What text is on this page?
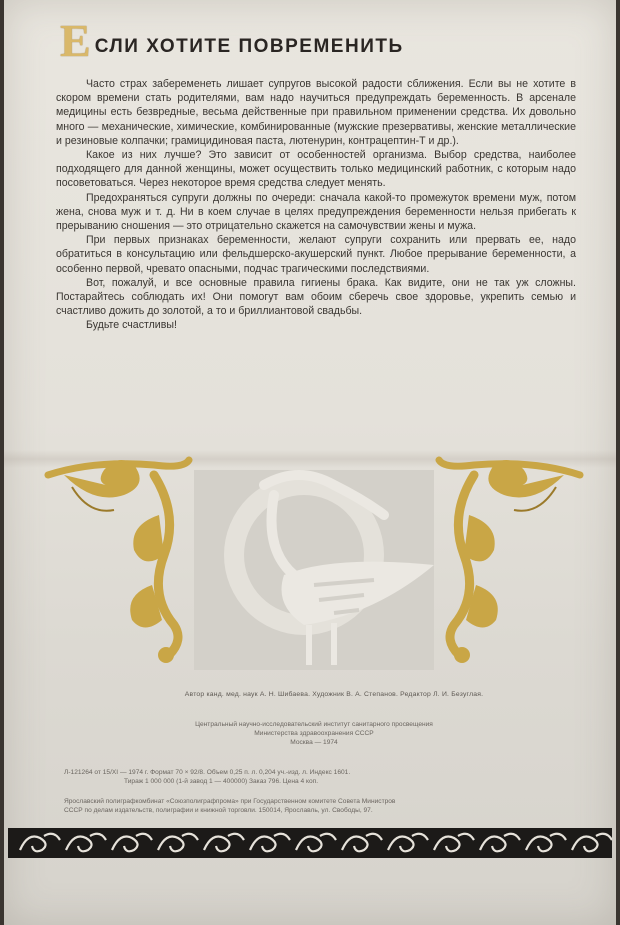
Е СЛИ ХОТИТЕ ПОВРЕМЕНИТЬ

Часто страх забеременеть лишает супругов высокой радости сближения. Если вы не хотите в скором времени стать родителями, вам надо научиться предупреждать беременность. В арсенале медицины есть безвредные, весьма действенные при правильном применении средства. Их довольно много — механические, химические, комбинированные (мужские презервативы, женские металлические и резиновые колпачки; грамицидиновая паста, лютенурин, контрацептин-Т и др.).

Какое из них лучше? Это зависит от особенностей организма. Выбор средства, наиболее подходящего для данной женщины, может осуществить только медицинский работник, с которым надо посоветоваться. Через некоторое время средства следует менять.

Предохраняться супруги должны по очереди: сначала какой-то промежуток времени муж, потом жена, снова муж и т. д. Ни в коем случае в целях предупреждения беременности нельзя прибегать к прерыванию сношения — это отрицательно скажется на самочувствии жены и мужа.

При первых признаках беременности, желают супруги сохранить или прервать ее, надо обратиться в консультацию или фельдшерско-акушерский пункт. Любое прерывание беременности, а особенно первой, чревато опасными, подчас трагическими последствиями.

Вот, пожалуй, и все основные правила гигиены брака. Как видите, они не так уж сложны. Постарайтесь соблюдать их! Они помогут вам обоим сберечь свое здоровье, укрепить семью и счастливо дожить до золотой, а то и бриллиантовой свадьбы.

Будьте счастливы!

Автор канд. мед. наук А. Н. Шибаева. Художник В. А. Степанов. Редактор Л. И. Безуглая.
Центральный научно-исследовательский институт санитарного просвещения
Министерства здравоохранения СССР
Москва — 1974
Л-121264 от 15/XI — 1974 г. Формат 70 × 92/8. Объем 0,25 п. л. 0,204 уч.-изд. л. Индекс 1601.
Тираж 1 000 000 (1-й завод 1 — 400000) Заказ 796. Цена 4 коп.
Ярославский полиграфкомбинат «Союзполиграфпрома» при Государственном комитете Совета Министров
СССР по делам издательств, полиграфии и книжной торговли. 150014, Ярославль, ул. Свободы, 97.
